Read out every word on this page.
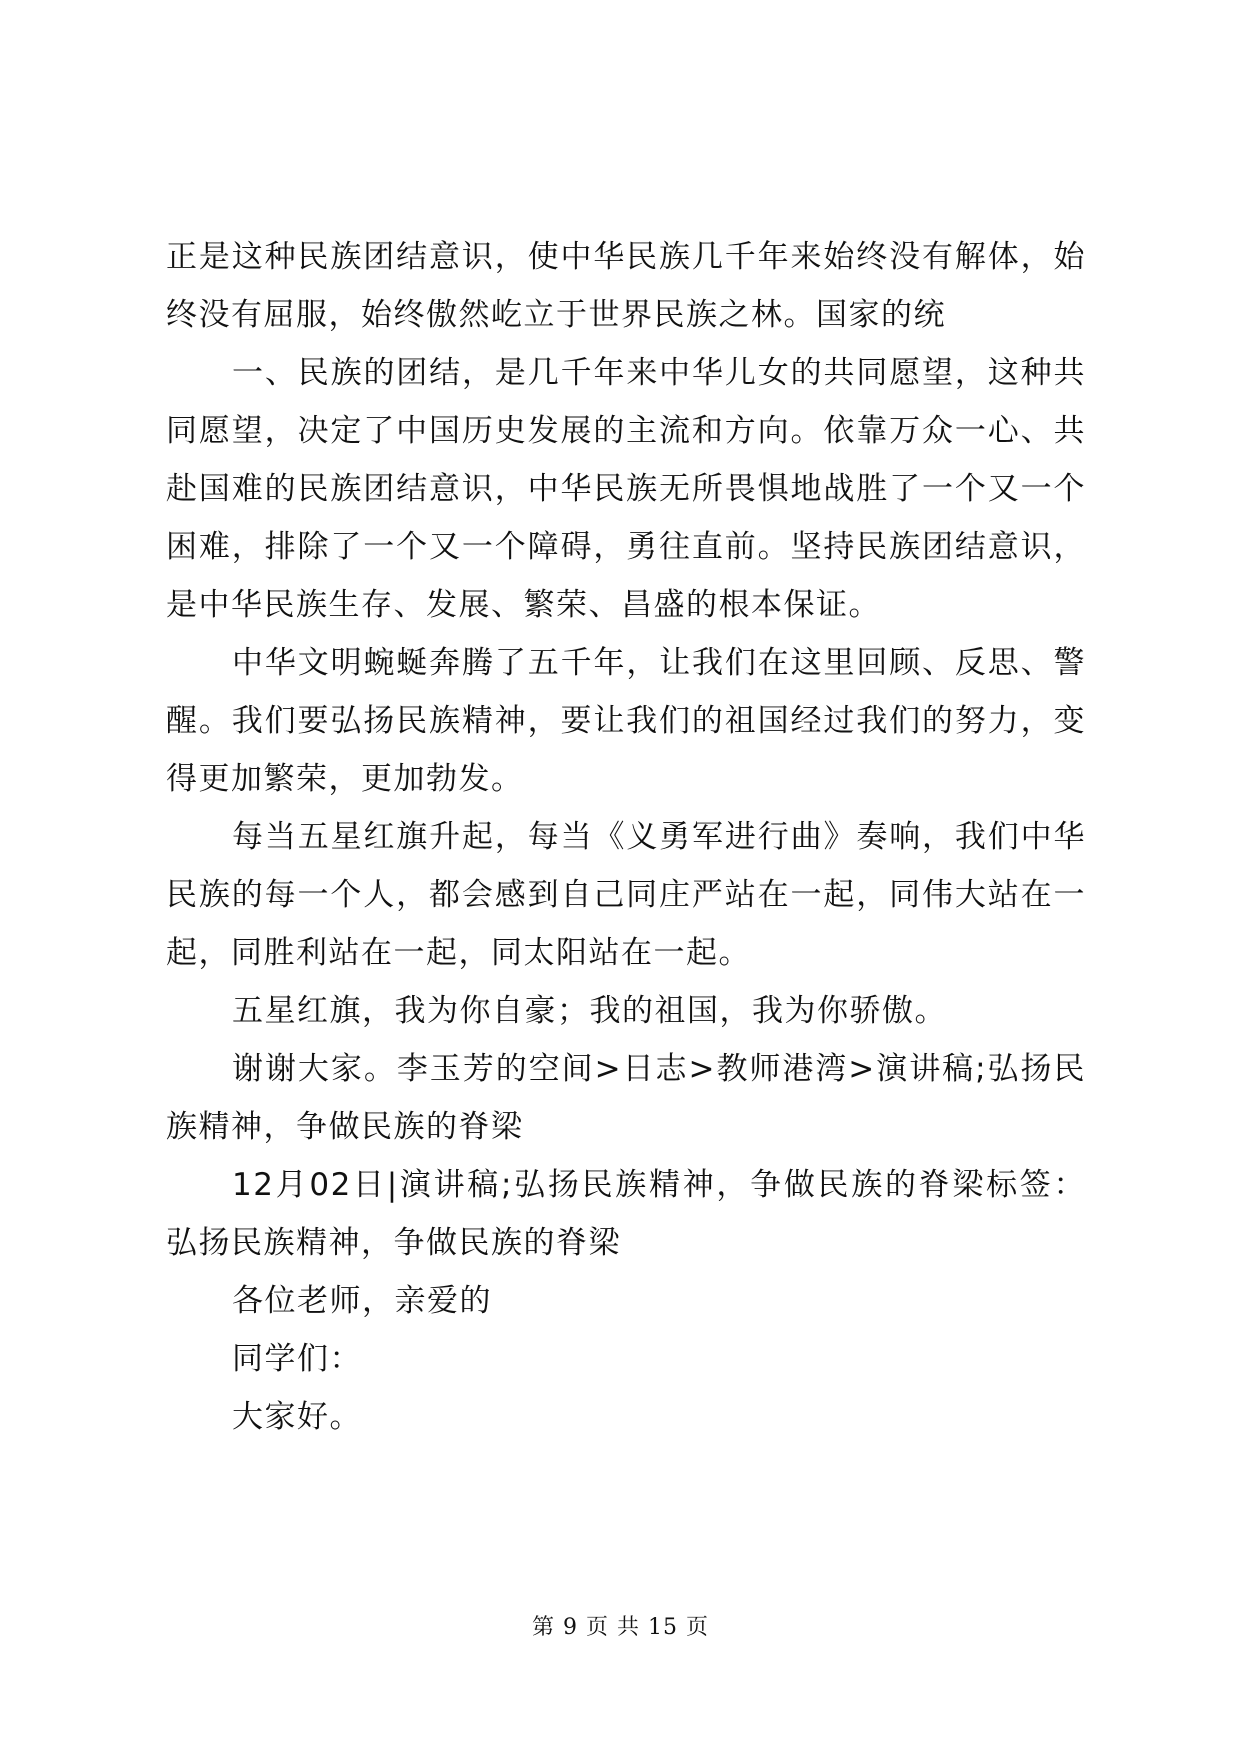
正是这种民族团结意识，使中华民族几千年来始终没有解体，始终没有屈服，始终傲然屹立于世界民族之林。国家的统

一、民族的团结，是几千年来中华儿女的共同愿望，这种共同愿望，决定了中国历史发展的主流和方向。依靠万众一心、共赴国难的民族团结意识，中华民族无所畏惧地战胜了一个又一个困难，排除了一个又一个障碍，勇往直前。坚持民族团结意识，是中华民族生存、发展、繁荣、昌盛的根本保证。

中华文明蜿蜒奔腾了五千年，让我们在这里回顾、反思、警醒。我们要弘扬民族精神，要让我们的祖国经过我们的努力，变得更加繁荣，更加勃发。

每当五星红旗升起，每当《义勇军进行曲》奏响，我们中华民族的每一个人，都会感到自己同庄严站在一起，同伟大站在一起，同胜利站在一起，同太阳站在一起。

五星红旗，我为你自豪；我的祖国，我为你骄傲。

谢谢大家。李玉芳的空间>日志>教师港湾>演讲稿;弘扬民族精神，争做民族的脊梁

12月02日|演讲稿;弘扬民族精神，争做民族的脊梁标签：弘扬民族精神，争做民族的脊梁

各位老师，亲爱的

同学们：

大家好。

第 9 页 共 15 页
